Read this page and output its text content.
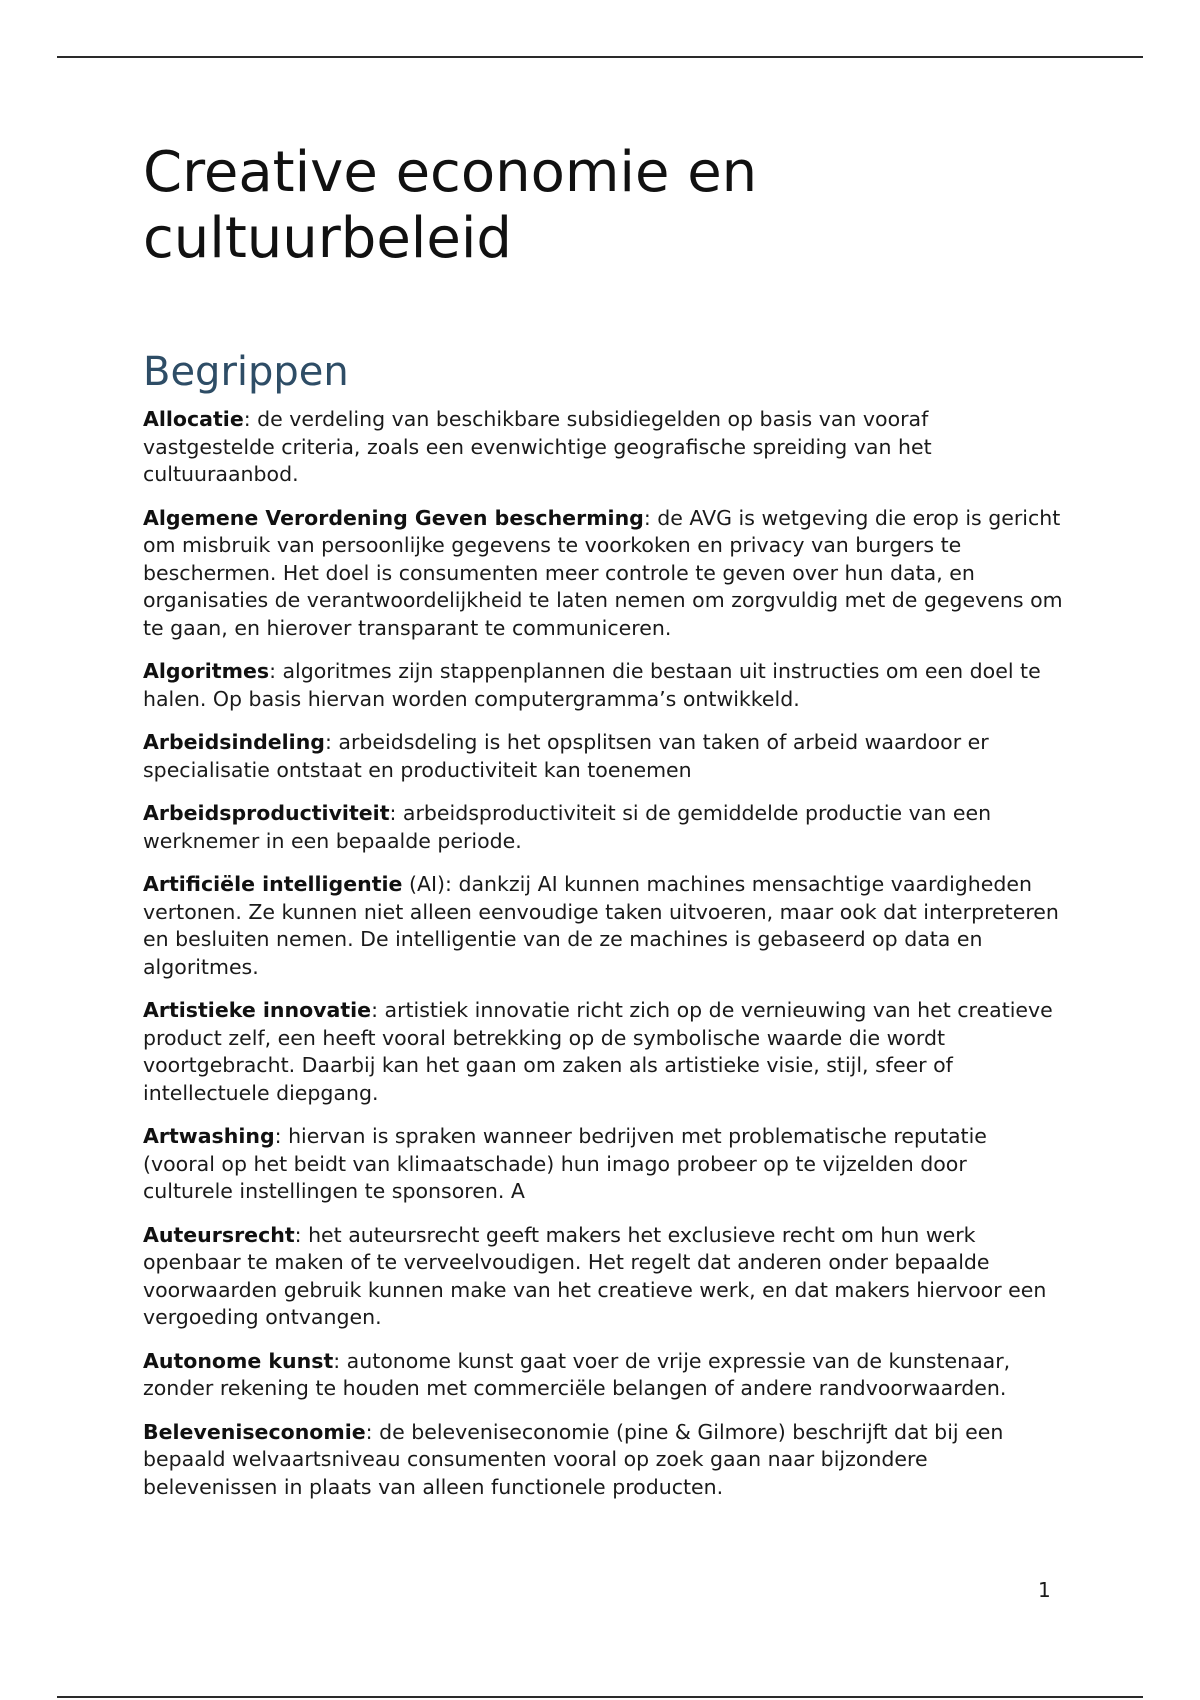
Creative economie en cultuurbeleid
Begrippen

Allocatie: de verdeling van beschikbare subsidiegelden op basis van vooraf vastgestelde criteria, zoals een evenwichtige geografische spreiding van het cultuuraanbod.

Algemene Verordening Geven bescherming: de AVG is wetgeving die erop is gericht om misbruik van persoonlijke gegevens te voorkoken en privacy van burgers te beschermen. Het doel is consumenten meer controle te geven over hun data, en organisaties de verantwoordelijkheid te laten nemen om zorgvuldig met de gegevens om te gaan, en hierover transparant te communiceren.

Algoritmes: algoritmes zijn stappenplannen die bestaan uit instructies om een doel te halen. Op basis hiervan worden computergramma’s ontwikkeld.

Arbeidsindeling: arbeidsdeling is het opsplitsen van taken of arbeid waardoor er specialisatie ontstaat en productiviteit kan toenemen

Arbeidsproductiviteit: arbeidsproductiviteit si de gemiddelde productie van een werknemer in een bepaalde periode.

Artificiële intelligentie (AI): dankzij AI kunnen machines mensachtige vaardigheden vertonen. Ze kunnen niet alleen eenvoudige taken uitvoeren, maar ook dat interpreteren en besluiten nemen. De intelligentie van de ze machines is gebaseerd op data en algoritmes.

Artistieke innovatie: artistiek innovatie richt zich op de vernieuwing van het creatieve product zelf, een heeft vooral betrekking op de symbolische waarde die wordt voortgebracht. Daarbij kan het gaan om zaken als artistieke visie, stijl, sfeer of intellectuele diepgang.

Artwashing: hiervan is spraken wanneer bedrijven met problematische reputatie (vooral op het beidt van klimaatschade) hun imago probeer op te vijzelden door culturele instellingen te sponsoren. A

Auteursrecht: het auteursrecht geeft makers het exclusieve recht om hun werk openbaar te maken of te verveelvoudigen. Het regelt dat anderen onder bepaalde voorwaarden gebruik kunnen make van het creatieve werk, en dat makers hiervoor een vergoeding ontvangen.

Autonome kunst: autonome kunst gaat voer de vrije expressie van de kunstenaar, zonder rekening te houden met commerciële belangen of andere randvoorwaarden.

Beleveniseconomie: de beleveniseconomie (pine & Gilmore) beschrijft dat bij een bepaald welvaartsniveau consumenten vooral op zoek gaan naar bijzondere belevenissen in plaats van alleen functionele producten.

1
